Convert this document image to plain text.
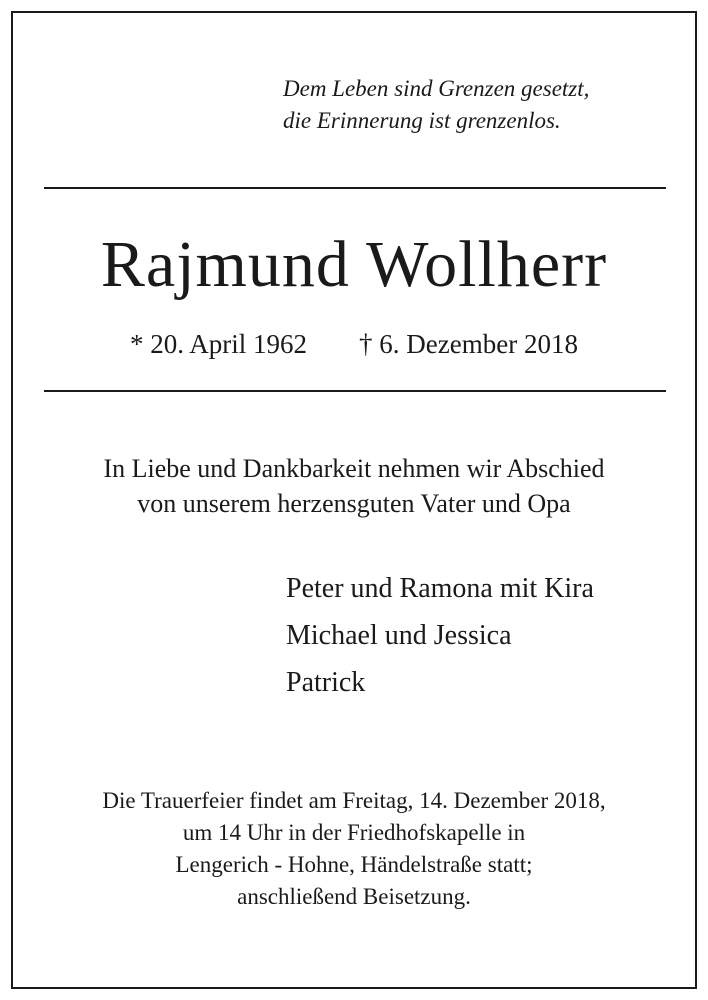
Dem Leben sind Grenzen gesetzt,
die Erinnerung ist grenzenlos.
Rajmund Wollherr
* 20. April 1962 † 6. Dezember 2018
In Liebe und Dankbarkeit nehmen wir Abschied
von unserem herzensguten Vater und Opa
Peter und Ramona mit Kira
Michael und Jessica
Patrick
Die Trauerfeier findet am Freitag, 14. Dezember 2018,
um 14 Uhr in der Friedhofskapelle in
Lengerich - Hohne, Händelstraße statt;
anschließend Beisetzung.
